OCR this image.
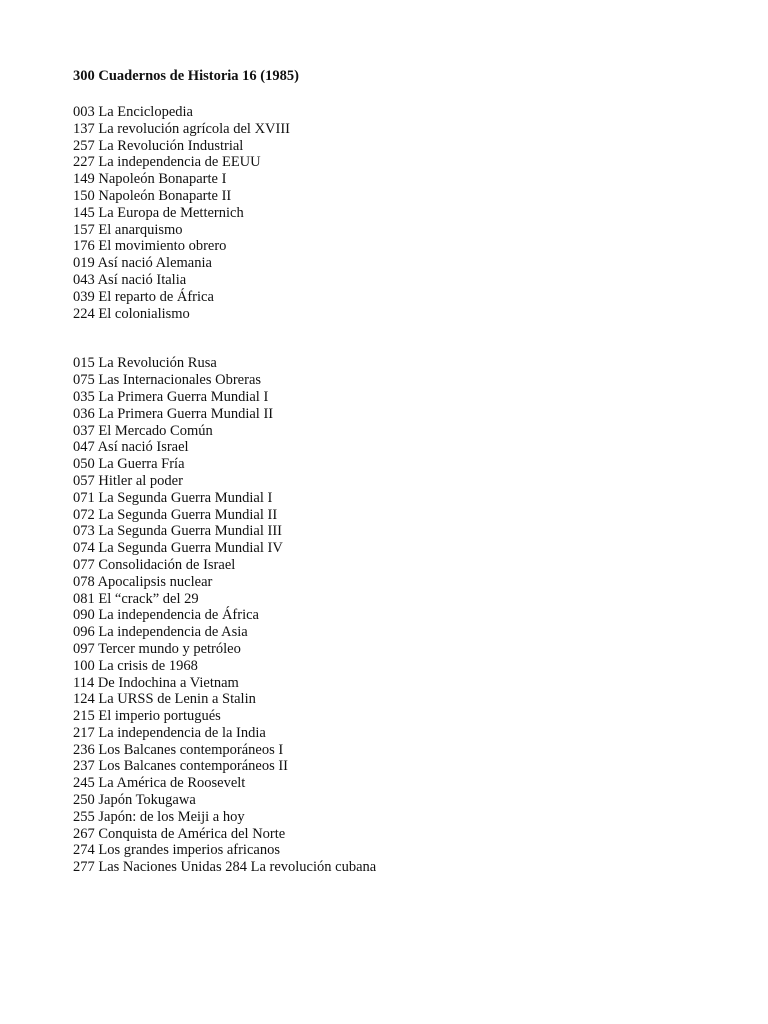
300 Cuadernos de Historia 16 (1985)
003 La Enciclopedia
137 La revolución agrícola del XVIII
257 La Revolución Industrial
227 La independencia de EEUU
149 Napoleón Bonaparte I
150 Napoleón Bonaparte II
145 La Europa de Metternich
157 El anarquismo
176 El movimiento obrero
019 Así nació Alemania
043 Así nació Italia
039 El reparto de África
224 El colonialismo
015 La Revolución Rusa
075 Las Internacionales Obreras
035 La Primera Guerra Mundial I
036 La Primera Guerra Mundial II
037 El Mercado Común
047 Así nació Israel
050 La Guerra Fría
057 Hitler al poder
071 La Segunda Guerra Mundial I
072 La Segunda Guerra Mundial II
073 La Segunda Guerra Mundial III
074 La Segunda Guerra Mundial IV
077 Consolidación de Israel
078 Apocalipsis nuclear
081 El “crack” del 29
090 La independencia de África
096 La independencia de Asia
097 Tercer mundo y petróleo
100 La crisis de 1968
114 De Indochina a Vietnam
124 La URSS de Lenin a Stalin
215 El imperio portugués
217 La independencia de la India
236 Los Balcanes contemporáneos I
237 Los Balcanes contemporáneos II
245 La América de Roosevelt
250 Japón Tokugawa
255 Japón: de los Meiji a hoy
267 Conquista de América del Norte
274 Los grandes imperios africanos
277 Las Naciones Unidas 284 La revolución cubana
